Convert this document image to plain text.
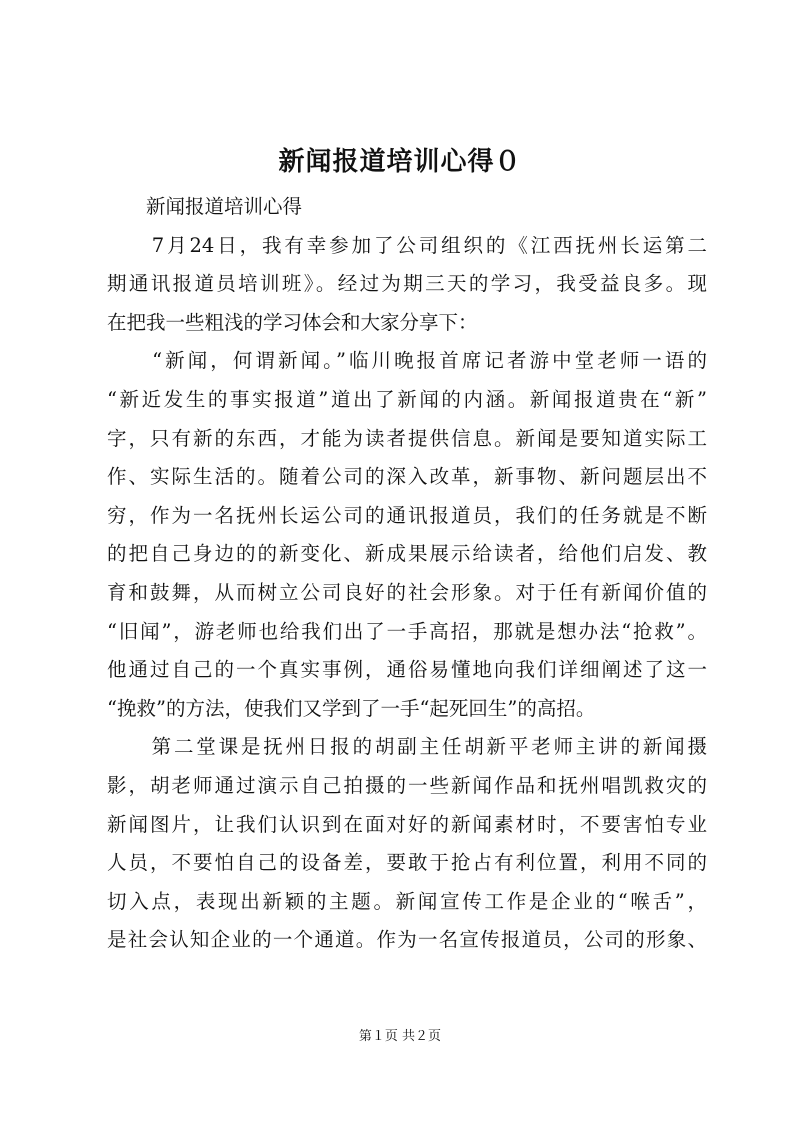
新闻报道培训心得０
　　新闻报道培训心得
　　7月24日，我有幸参加了公司组织的《江西抚州长运第二
期通讯报道员培训班》。经过为期三天的学习，我受益良多。现
在把我一些粗浅的学习体会和大家分享下：
　　“新闻，何谓新闻。”临川晚报首席记者游中堂老师一语的
“新近发生的事实报道”道出了新闻的内涵。新闻报道贵在“新”
字，只有新的东西，才能为读者提供信息。新闻是要知道实际工
作、实际生活的。随着公司的深入改革，新事物、新问题层出不
穷，作为一名抚州长运公司的通讯报道员，我们的任务就是不断
的把自己身边的的新变化、新成果展示给读者，给他们启发、教
育和鼓舞，从而树立公司良好的社会形象。对于任有新闻价值的
“旧闻”，游老师也给我们出了一手高招，那就是想办法“抢救”。
他通过自己的一个真实事例，通俗易懂地向我们详细阐述了这一
“挽救”的方法，使我们又学到了一手“起死回生”的高招。
　　第二堂课是抚州日报的胡副主任胡新平老师主讲的新闻摄
影，胡老师通过演示自己拍摄的一些新闻作品和抚州唱凯救灾的
新闻图片，让我们认识到在面对好的新闻素材时，不要害怕专业
人员，不要怕自己的设备差，要敢于抢占有利位置，利用不同的
切入点，表现出新颖的主题。新闻宣传工作是企业的“喉舌”，
是社会认知企业的一个通道。作为一名宣传报道员，公司的形象、
第１页 共２页
